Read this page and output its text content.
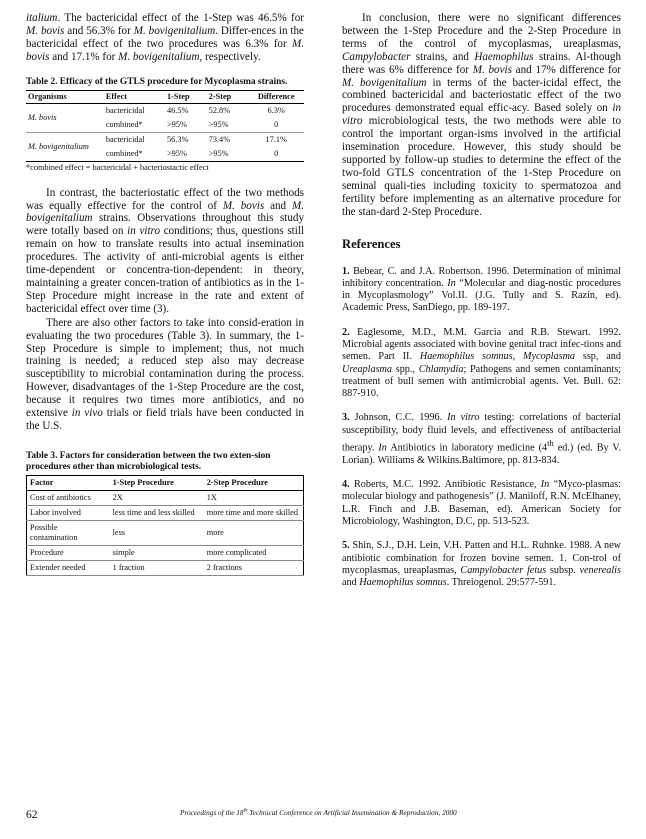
italium. The bactericidal effect of the 1-Step was 46.5% for M. bovis and 56.3% for M. bovigenitalium. Differ-ences in the bactericidal effect of the two procedures was 6.3% for M. bovis and 17.1% for M. bovigenitalium, respectively.

Table 2. Efficacy of the GTLS procedure for Mycoplasma strains.
Organisms	Effect	1-Step	2-Step	Difference
M. bovis	bactericidal	46.5%	52.8%	6.3%
	combined*	>95%	>95%	0
M. bovigenitalium	bactericidal	56.3%	73.4%	17.1%
	combined*	>95%	>95%	0
*combined effect = bactericidal + bacteriostactic effect

In contrast, the bacteriostatic effect of the two methods was equally effective for the control of M. bovis and M. bovigenitalium strains. Observations throughout this study were totally based on in vitro conditions; thus, questions still remain on how to translate results into actual insemination procedures. The activity of anti-microbial agents is either time-dependent or concentra-tion-dependent: in theory, maintaining a greater concen-tration of antibiotics as in the 1-Step Procedure might increase in the rate and extent of bactericidal effect over time (3).

There are also other factors to take into consid-eration in evaluating the two procedures (Table 3). In summary, the 1-Step Procedure is simple to implement; thus, not much training is needed; a reduced step also may decrease susceptibility to microbial contamination during the process. However, disadvantages of the 1-Step Procedure are the cost, because it requires two times more antibiotics, and no extensive in vivo trials or field trials have been conducted in the U.S.

Table 3. Factors for consideration between the two exten-sion procedures other than microbiological tests.
Factor	1-Step Procedure	2-Step Procedure
Cost of antibiotics	2X	1X
Labor involved	less time and less skilled	more time and more skilled
Possible contamination	less	more
Procedure	simple	more complicated
Extender needed	1 fraction	2 fractions

In conclusion, there were no significant differences between the 1-Step Procedure and the 2-Step Procedure in terms of the control of mycoplasmas, ureaplasmas, Campylobacter strains, and Haemophilus strains. Al-though there was 6% difference for M. bovis and 17% difference for M. bovigenitalium in terms of the bacter-icidal effect, the combined bactericidal and bacteriostatic effect of the two procedures demonstrated equal effic-acy. Based solely on in vitro microbiological tests, the two methods were able to control the important organ-isms involved in the artificial insemination procedure. However, this study should be supported by follow-up studies to determine the effect of the two-fold GTLS concentration of the 1-Step Procedure on seminal quali-ties including toxicity to spermatozoa and fertility before implementing as an alternative procedure for the stan-dard 2-Step Procedure.

References

1. Bebear, C. and J.A. Robertson. 1996. Determination of minimal inhibitory concentration. In “Molecular and diag-nostic procedures in Mycoplasmology” Vol.II. (J.G. Tully and S. Razin, ed). Academic Press, SanDiego, pp. 189-197.

2. Eaglesome, M.D., M.M. Garcia and R.B. Stewart. 1992. Microbial agents associated with bovine genital tract infec-tions and semen. Part II. Haemophilus somnus, Mycoplasma ssp, and Ureaplasma spp., Chlamydia; Pathogens and semen contaminants; treatment of bull semen with antimicrobial agents. Vet. Bull. 62: 887-910.

3. Johnson, C.C. 1996. In vitro testing: correlations of bacterial susceptibility, body fluid levels, and effectiveness of antibacterial therapy. In Antibiotics in laboratory medicine (4th ed.) (ed. By V. Lorian). Williams & Wilkins.Baltimore, pp. 813-834.

4. Roberts, M.C. 1992. Antibiotic Resistance, In “Myco-plasmas: molecular biology and pathogenesis” (J. Maniloff, R.N. McElhaney, L.R. Finch and J.B. Baseman, ed). American Society for Microbiology, Washington, D.C, pp. 513-523.

5. Shin, S.J., D.H. Lein, V.H. Patten and H.L. Ruhnke. 1988. A new antibiotic combination for frozen bovine semen. 1. Con-trol of mycoplasmas, ureaplasmas, Campylobacter fetus subsp. venerealis and Haemophilus somnus. Threiogenol. 29:577-591.

62	Proceedings of the 18th Technical Conference on Artificial Insemination & Reproduction, 2000
